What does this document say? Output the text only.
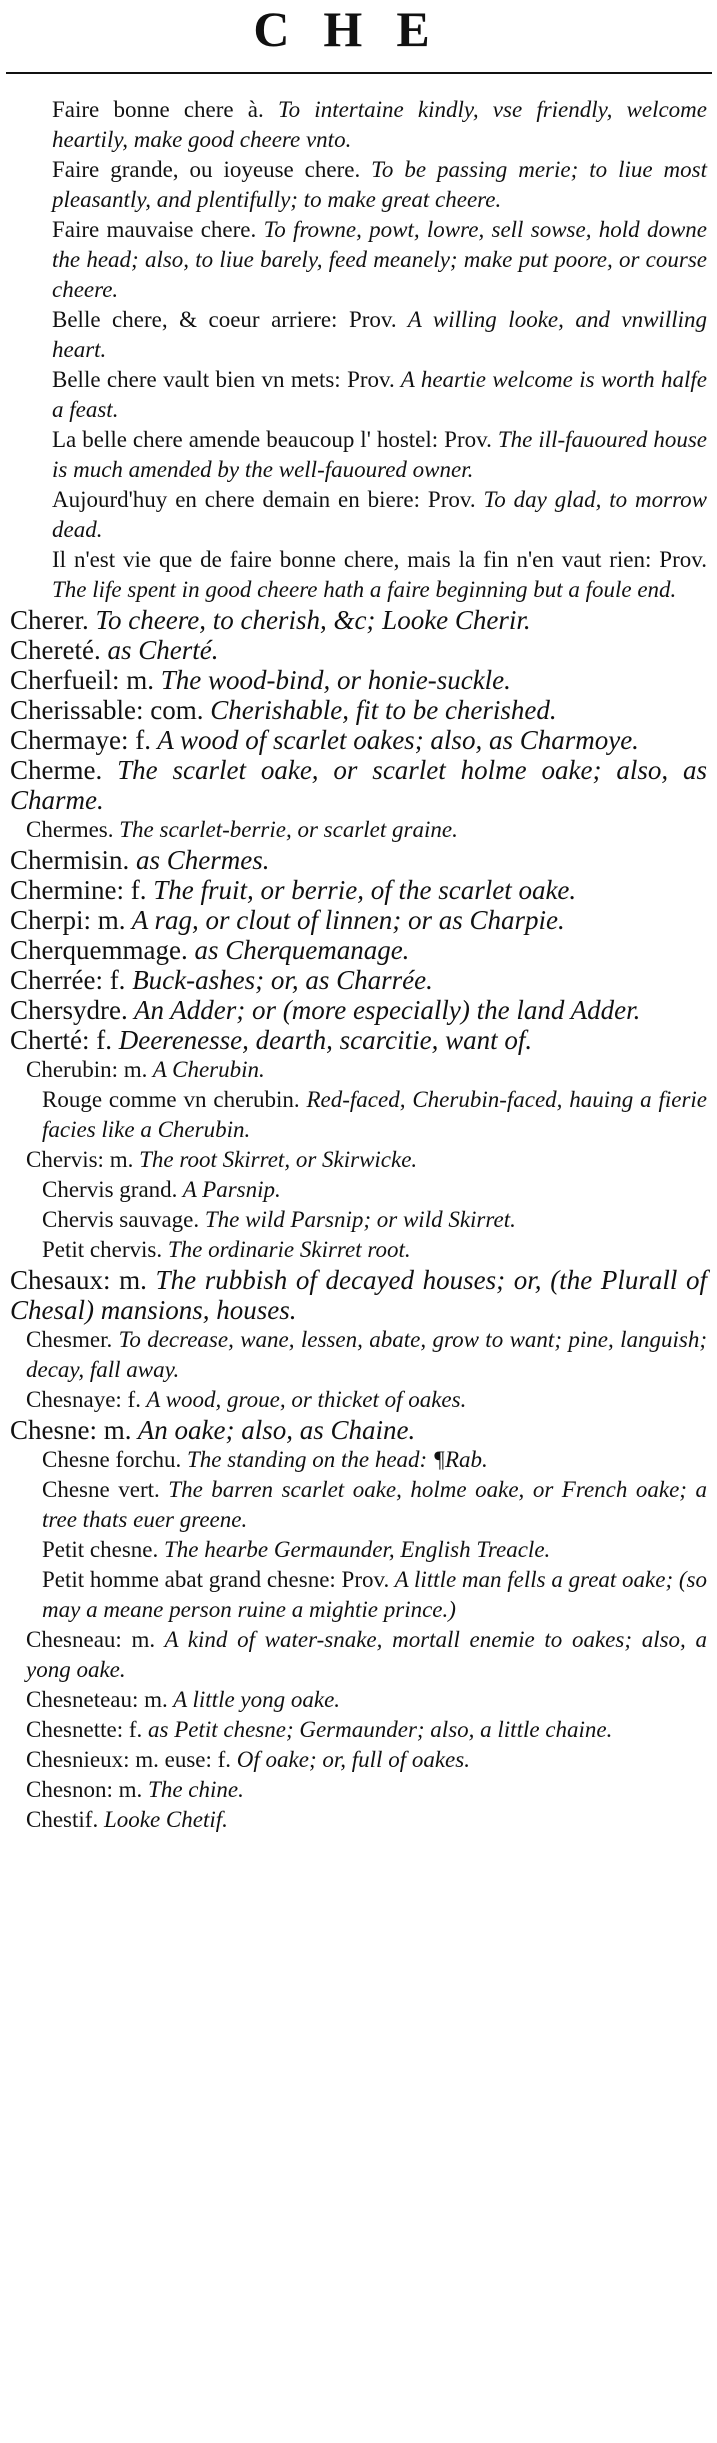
CHE

Faire bonne chere à. To intertaine kindly, vse friendly, welcome heartily, make good cheere vnto.

Faire grande, ou ioyeuse chere. To be passing merie; to liue most pleasantly, and plentifully; to make great cheere.

Faire mauvaise chere. To frowne, powt, lowre, sell sowse, hold downe the head; also, to liue barely, feed meanely; make put poore, or course cheere.

Belle chere, & coeur arriere: Prov. A willing looke, and vnwilling heart.

Belle chere vault bien vn mets: Prov. A heartie welcome is worth halfe a feast.

La belle chere amende beaucoup l' hostel: Prov. The ill-fauoured house is much amended by the well-fauoured owner.

Aujourd'huy en chere demain en biere: Prov. To day glad, to morrow dead.

Il n'est vie que de faire bonne chere, mais la fin n'en vaut rien: Prov. The life spent in good cheere hath a faire beginning but a foule end.

Cherer. To cheere, to cherish, &c; Looke Cherir.

Chereté. as Cherté.

Cherfueil: m. The wood-bind, or honie-suckle.

Cherissable: com. Cherishable, fit to be cherished.

Chermaye: f. A wood of scarlet oakes; also, as Charmoye.

Cherme. The scarlet oake, or scarlet holme oake; also, as Charme.

Chermes. The scarlet-berrie, or scarlet graine.

Chermisin. as Chermes.

Chermine: f. The fruit, or berrie, of the scarlet oake.

Cherpi: m. A rag, or clout of linnen; or as Charpie.

Cherquemmage. as Cherquemanage.

Cherrée: f. Buck-ashes; or, as Charrée.

Chersydre. An Adder; or (more especially) the land Adder.

Cherté: f. Deerenesse, dearth, scarcitie, want of.

Cherubin: m. A Cherubin.

Rouge comme vn cherubin. Red-faced, Cherubin-faced, hauing a fierie facies like a Cherubin.

Chervis: m. The root Skirret, or Skirwicke.

Chervis grand. A Parsnip.

Chervis sauvage. The wild Parsnip; or wild Skirret.

Petit chervis. The ordinarie Skirret root.

Chesaux: m. The rubbish of decayed houses; or, (the Plurall of Chesal) mansions, houses.

Chesmer. To decrease, wane, lessen, abate, grow to want; pine, languish; decay, fall away.

Chesnaye: f. A wood, groue, or thicket of oakes.

Chesne: m. An oake; also, as Chaine.

Chesne forchu. The standing on the head: ¶Rab.

Chesne vert. The barren scarlet oake, holme oake, or French oake; a tree thats euer greene.

Petit chesne. The hearbe Germaunder, English Treacle.

Petit homme abat grand chesne: Prov. A little man fells a great oake; (so may a meane person ruine a mightie prince.)

Chesneau: m. A kind of water-snake, mortall enemie to oakes; also, a yong oake.

Chesneteau: m. A little yong oake.

Chesnette: f. as Petit chesne; Germaunder; also, a little chaine.

Chesnieux: m. euse: f. Of oake; or, full of oakes.

Chesnon: m. The chine.

Chestif. Looke Chetif.
